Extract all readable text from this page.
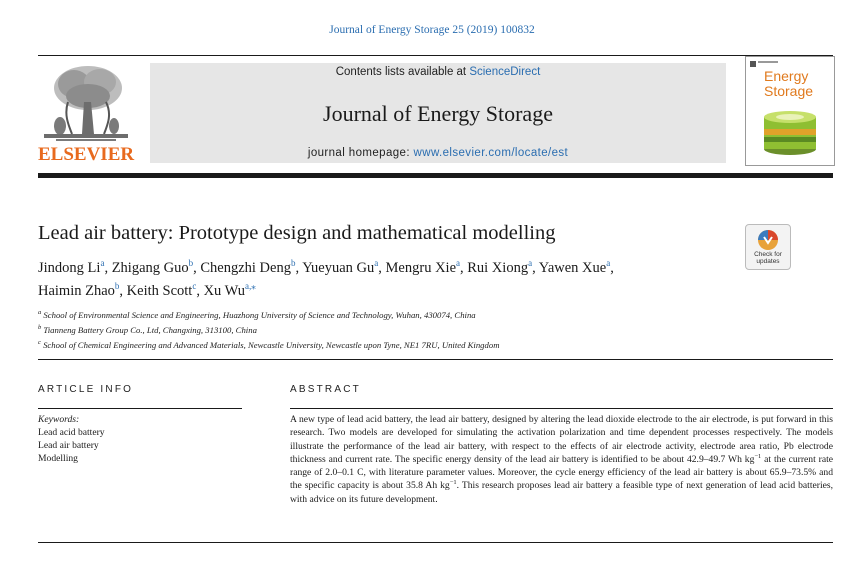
Journal of Energy Storage 25 (2019) 100832
ELSEVIER
Contents lists available at ScienceDirect
Journal of Energy Storage
journal homepage: www.elsevier.com/locate/est
Energy
Storage
Lead air battery: Prototype design and mathematical modelling
Check for
updates
Jindong Li$^a$, Zhigang Guo$^b$, Chengzhi Deng$^b$, Yueyuan Gu$^a$, Mengru Xie$^a$, Rui Xiong$^a$, Yawen Xue$^a$,
Haimin Zhao$^b$, Keith Scott$^c$, Xu $Wu^{a,⁎}$
$^a$ School of Environmental Science and Engineering, Huazhong University of Science and Technology, Wuhan, 430074, China
$^b$ Tianneng Battery Group Co., Ltd, Changxing, 313100, China
$^c$ School of Chemical Engineering and Advanced Materials, Newcastle University, Newcastle upon Tyne, NE1 7RU, United Kingdom
ARTICLE INFO	ABSTRACT
Keywords:
Lead acid battery
Lead air battery
Modelling
A new type of lead acid battery, the lead air battery, designed by altering the lead dioxide electrode to the air electrode, is put forward in this research. Two models are developed for simulating the activation polarization and time dependent processes respectively. The models illustrate the performance of the lead air battery, with respect to the effects of air electrode activity, electrode area ratio, Pb electrode thickness and current rate. The specific energy density of the lead air battery is identified to be about 42.9–49.7 Wh $kg^{-1}$ at the current rate range of 2.0–0.1 C, with literature parameter values. Moreover, the cycle energy efficiency of the lead air battery is about 65.9–73.5% and the specific capacity is about 35.8 Ah $kg^{-1}$. This research proposes lead air battery a feasible type of next generation of lead acid batteries, with advice on its future development.
